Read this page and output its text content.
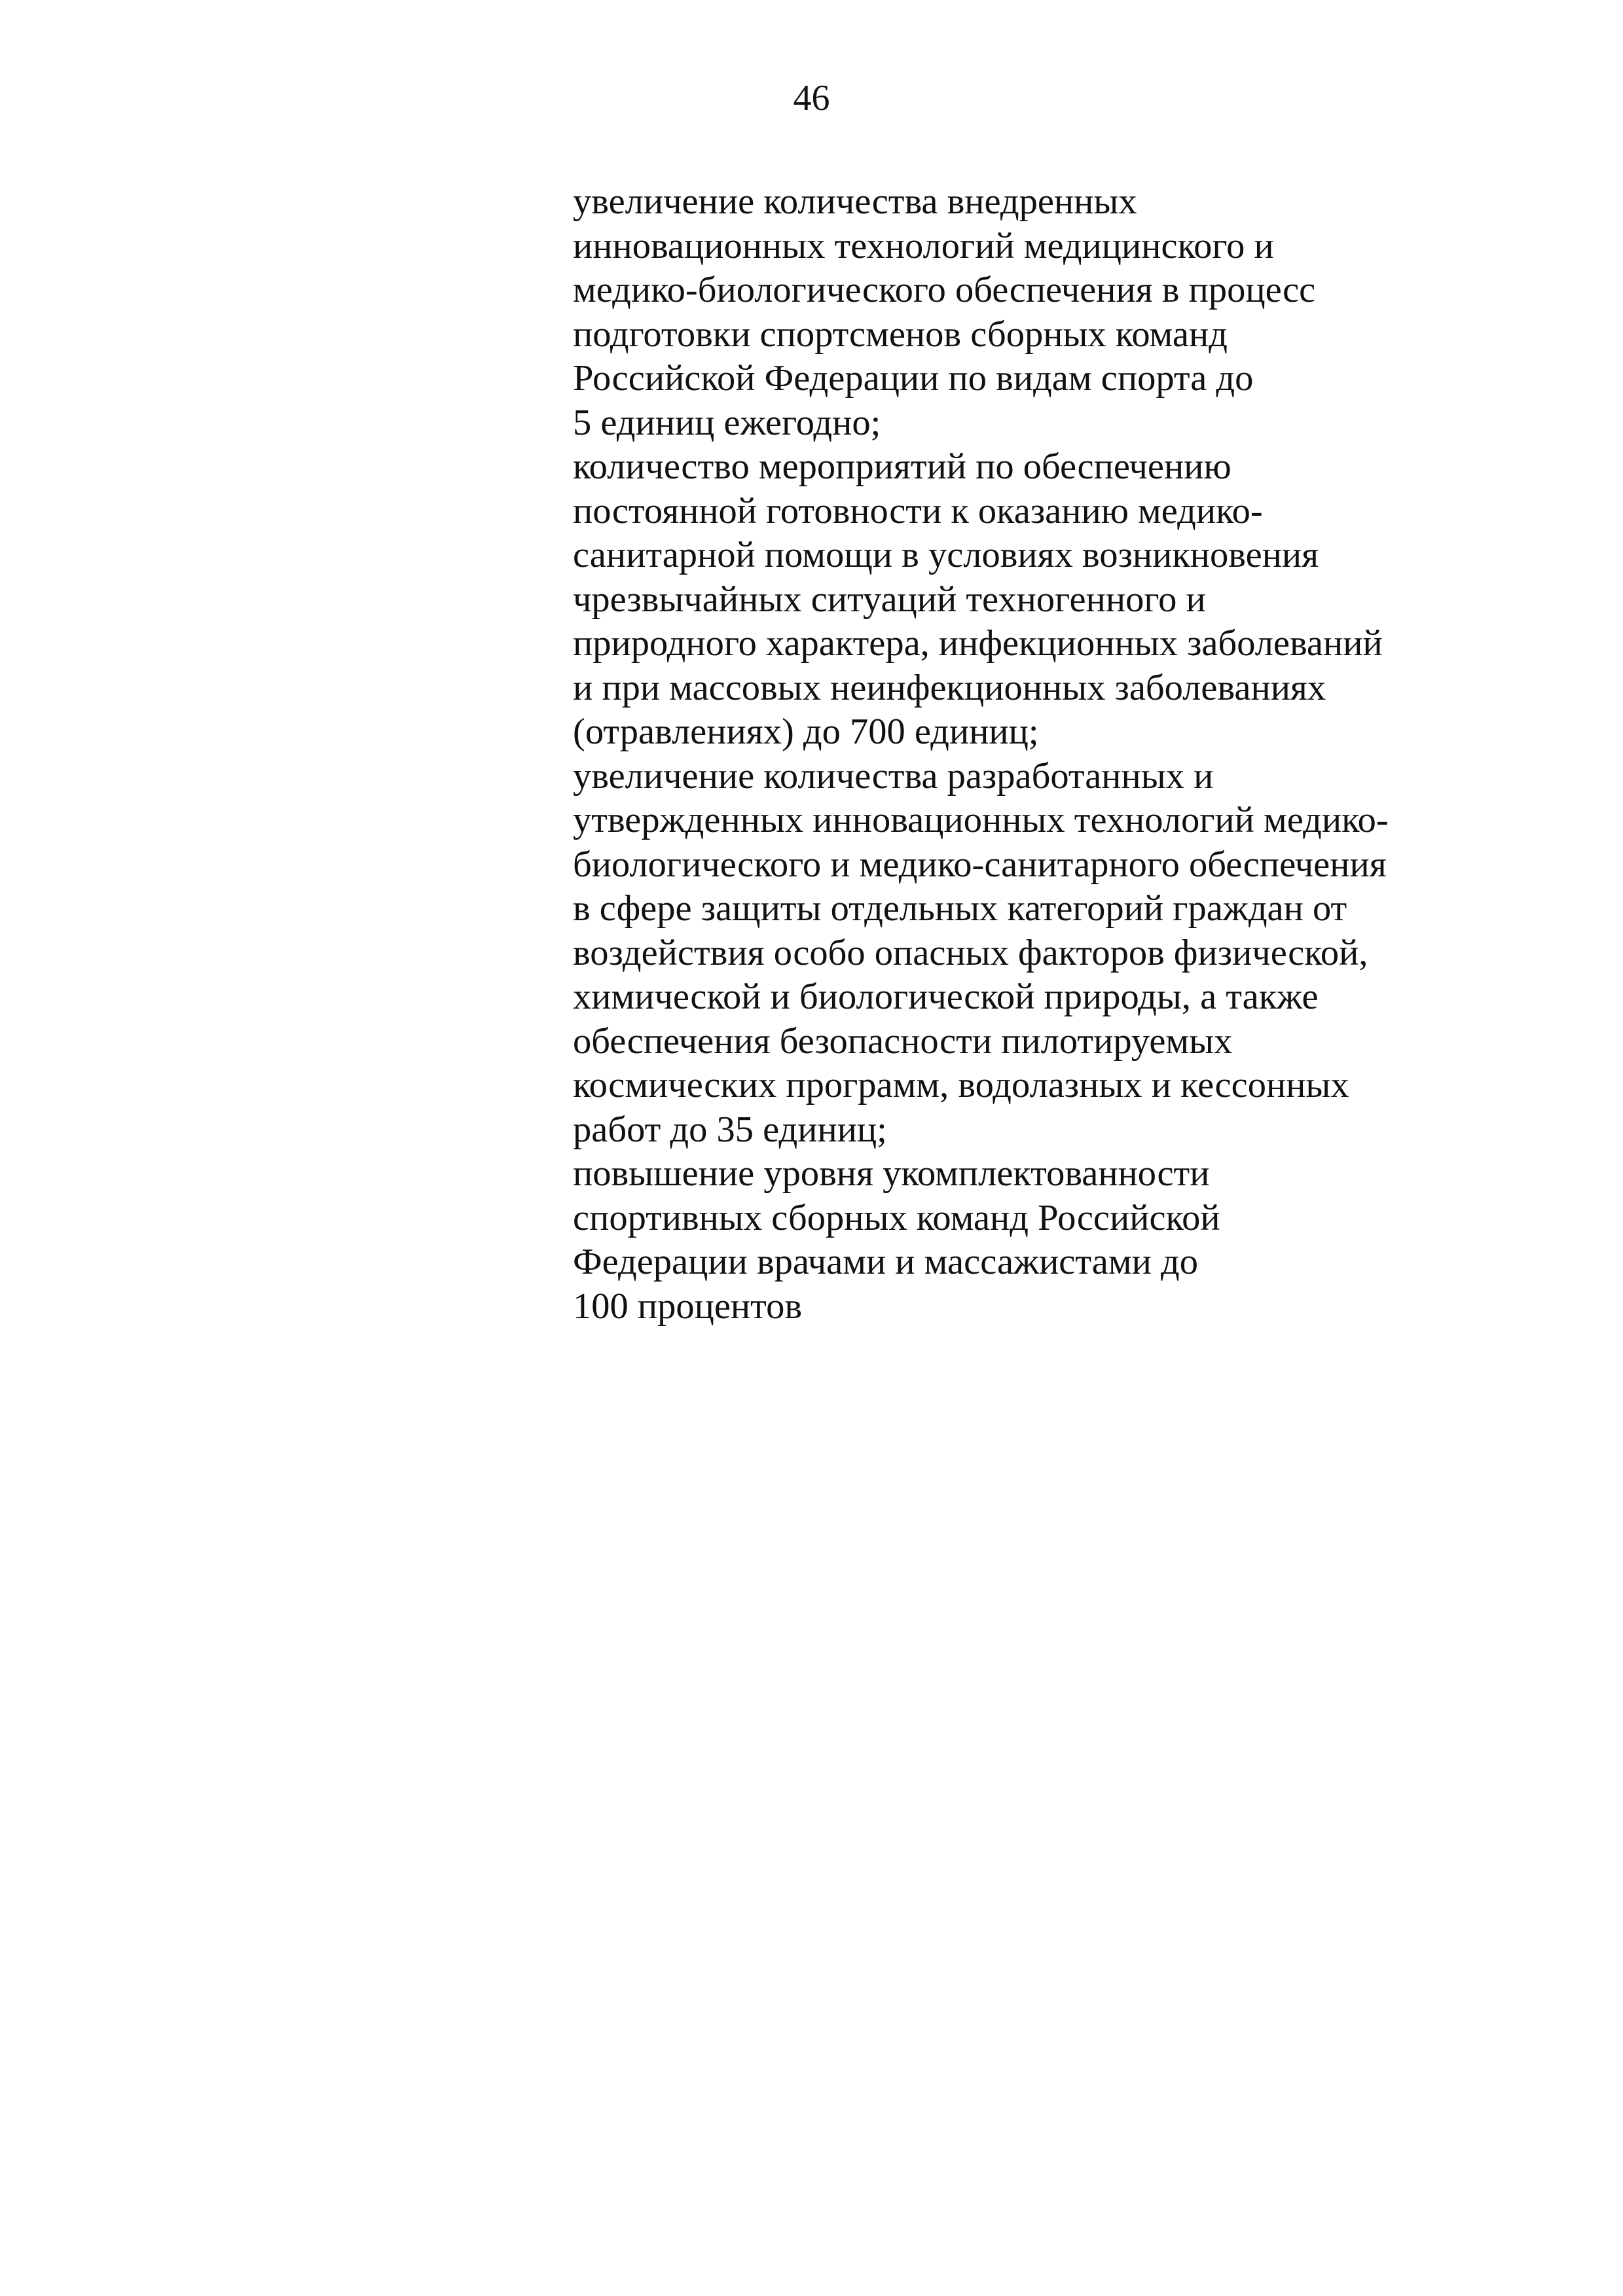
46
увеличение количества внедренных
инновационных технологий медицинского и
медико-биологического обеспечения в процесс
подготовки спортсменов сборных команд
Российской Федерации по видам спорта до
5 единиц ежегодно;
количество мероприятий по обеспечению
постоянной готовности к оказанию медико-
санитарной помощи в условиях возникновения
чрезвычайных ситуаций техногенного и
природного характера, инфекционных заболеваний
и при массовых неинфекционных заболеваниях
(отравлениях) до 700 единиц;
увеличение количества разработанных и
утвержденных инновационных технологий медико-
биологического и медико-санитарного обеспечения
в сфере защиты отдельных категорий граждан от
воздействия особо опасных факторов физической,
химической и биологической природы, а также
обеспечения безопасности пилотируемых
космических программ, водолазных и кессонных
работ до 35 единиц;
повышение уровня укомплектованности
спортивных сборных команд Российской
Федерации врачами и массажистами до
100 процентов
